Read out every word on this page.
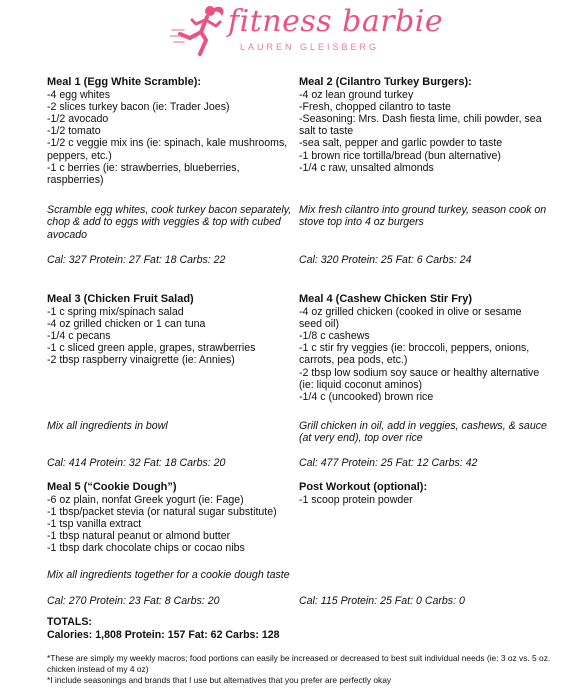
fitness barbie
LAUREN GLEISBERG
Meal 1 (Egg White Scramble):
-4 egg whites
-2 slices turkey bacon (ie: Trader Joes)
-1/2 avocado
-1/2 tomato
-1/2 c veggie mix ins (ie: spinach, kale mushrooms, peppers, etc.)
-1 c berries (ie: strawberries, blueberries, raspberries)
Scramble egg whites, cook turkey bacon separately, chop & add to eggs with veggies & top with cubed avocado
Cal: 327 Protein: 27 Fat: 18 Carbs: 22
Meal 2 (Cilantro Turkey Burgers):
-4 oz lean ground turkey
-Fresh, chopped cilantro to taste
-Seasoning: Mrs. Dash fiesta lime, chili powder, sea salt to taste
-sea salt, pepper and garlic powder to taste
-1 brown rice tortilla/bread (bun alternative)
-1/4 c raw, unsalted almonds
Mix fresh cilantro into ground turkey, season cook on stove top into 4 oz burgers
Cal: 320 Protein: 25 Fat: 6 Carbs: 24
Meal 3 (Chicken Fruit Salad)
-1 c spring mix/spinach salad
-4 oz grilled chicken or 1 can tuna
-1/4 c pecans
-1 c sliced green apple, grapes, strawberries
-2 tbsp raspberry vinaigrette (ie: Annies)
Mix all ingredients in bowl
Cal: 414 Protein: 32 Fat: 18 Carbs: 20
Meal 4 (Cashew Chicken Stir Fry)
-4 oz grilled chicken (cooked in olive or sesame seed oil)
-1/8 c cashews
-1 c stir fry veggies (ie: broccoli, peppers, onions, carrots, pea pods, etc.)
-2 tbsp low sodium soy sauce or healthy alternative (ie: liquid coconut aminos)
-1/4 c (uncooked) brown rice
Grill chicken in oil, add in veggies, cashews, & sauce (at very end), top over rice
Cal: 477 Protein: 25 Fat: 12 Carbs: 42
Meal 5 (“Cookie Dough”)
-6 oz plain, nonfat Greek yogurt (ie: Fage)
-1 tbsp/packet stevia (or natural sugar substitute)
-1 tsp vanilla extract
-1 tbsp natural peanut or almond butter
-1 tbsp dark chocolate chips or cocao nibs
Mix all ingredients together for a cookie dough taste
Cal: 270 Protein: 23 Fat: 8 Carbs: 20
Post Workout (optional):
-1 scoop protein powder
Cal: 115 Protein: 25 Fat: 0 Carbs: 0
TOTALS:
Calories: 1,808 Protein: 157 Fat: 62 Carbs: 128
*These are simply my weekly macros; food portions can easily be increased or decreased to best suit individual needs (ie: 3 oz vs. 5 oz. chicken instead of my 4 oz)
*I include seasonings and brands that I use but alternatives that you prefer are perfectly okay
